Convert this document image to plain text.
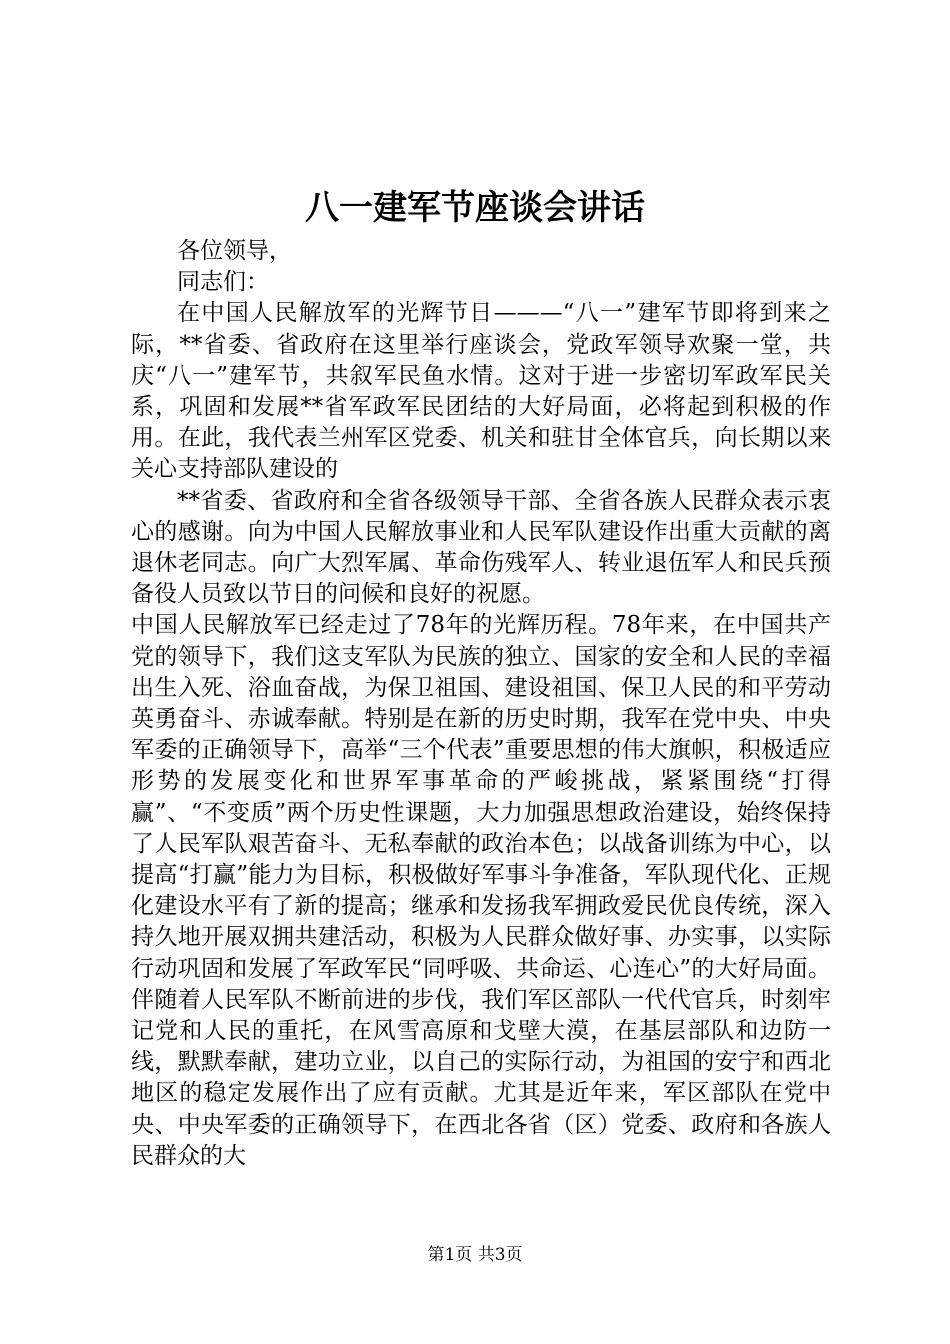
八一建军节座谈会讲话

各位领导，

同志们：

在中国人民解放军的光辉节日———“八一”建军节即将到来之际，**省委、省政府在这里举行座谈会，党政军领导欢聚一堂，共庆“八一”建军节，共叙军民鱼水情。这对于进一步密切军政军民关系，巩固和发展**省军政军民团结的大好局面，必将起到积极的作用。在此，我代表兰州军区党委、机关和驻甘全体官兵，向长期以来关心支持部队建设的

**省委、省政府和全省各级领导干部、全省各族人民群众表示衷心的感谢。向为中国人民解放事业和人民军队建设作出重大贡献的离退休老同志。向广大烈军属、革命伤残军人、转业退伍军人和民兵预备役人员致以节日的问候和良好的祝愿。

中国人民解放军已经走过了78年的光辉历程。78年来，在中国共产党的领导下，我们这支军队为民族的独立、国家的安全和人民的幸福出生入死、浴血奋战，为保卫祖国、建设祖国、保卫人民的和平劳动英勇奋斗、赤诚奉献。特别是在新的历史时期，我军在党中央、中央军委的正确领导下，高举“三个代表”重要思想的伟大旗帜，积极适应形势的发展变化和世界军事革命的严峻挑战，紧紧围绕“打得赢”、“不变质”两个历史性课题，大力加强思想政治建设，始终保持了人民军队艰苦奋斗、无私奉献的政治本色；以战备训练为中心，以提高“打赢”能力为目标，积极做好军事斗争准备，军队现代化、正规化建设水平有了新的提高；继承和发扬我军拥政爱民优良传统，深入持久地开展双拥共建活动，积极为人民群众做好事、办实事，以实际行动巩固和发展了军政军民“同呼吸、共命运、心连心”的大好局面。伴随着人民军队不断前进的步伐，我们军区部队一代代官兵，时刻牢记党和人民的重托，在风雪高原和戈壁大漠，在基层部队和边防一线，默默奉献，建功立业，以自己的实际行动，为祖国的安宁和西北地区的稳定发展作出了应有贡献。尤其是近年来，军区部队在党中央、中央军委的正确领导下，在西北各省（区）党委、政府和各族人民群众的大

第1页 共3页
